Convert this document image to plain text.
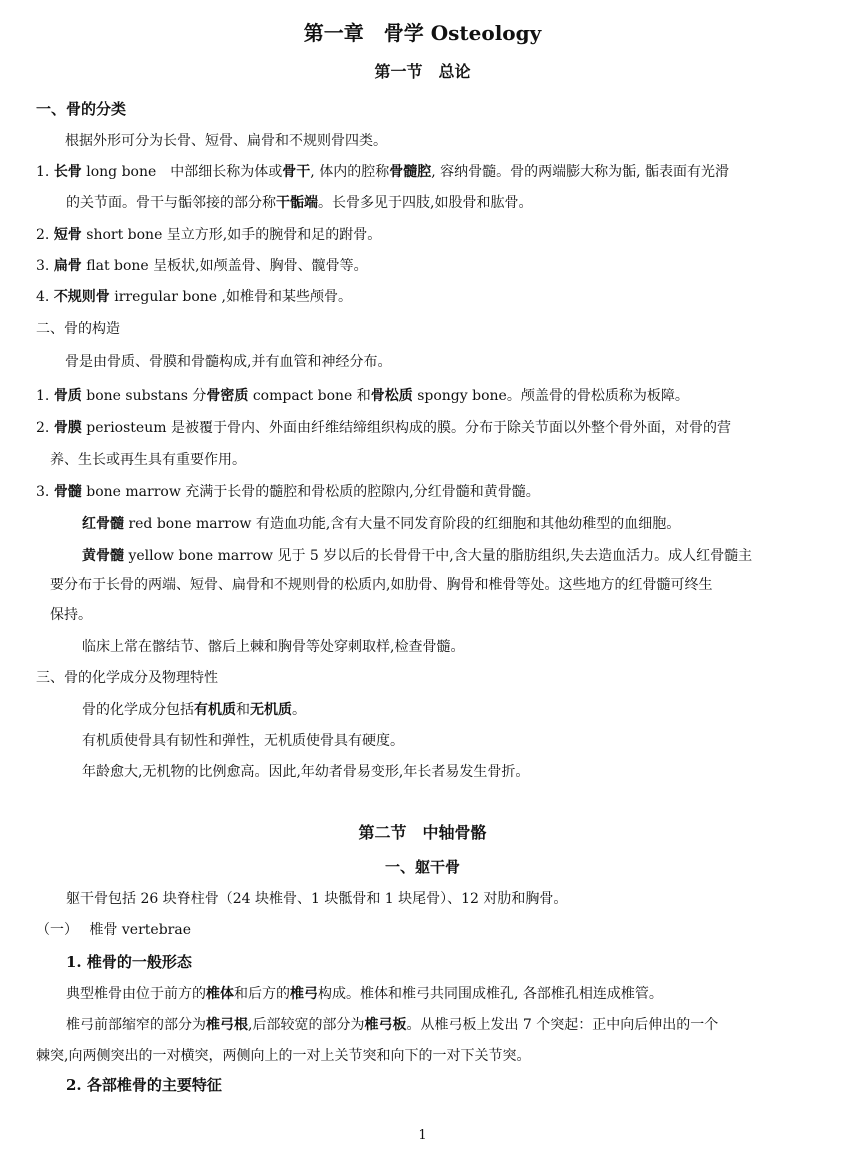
第一章　骨学 Osteology
第一节　总论
一、骨的分类
根据外形可分为长骨、短骨、扁骨和不规则骨四类。
1. 长骨 long bone　中部细长称为体或骨干, 体内的腔称骨髓腔, 容纳骨髓。骨的两端膨大称为骺, 骺表面有光滑
的关节面。骨干与骺邻接的部分称干骺端。长骨多见于四肢,如股骨和肱骨。
2. 短骨 short bone 呈立方形,如手的腕骨和足的跗骨。
3. 扁骨 flat bone 呈板状,如颅盖骨、胸骨、髋骨等。
4. 不规则骨 irregular bone ,如椎骨和某些颅骨。
二、骨的构造
骨是由骨质、骨膜和骨髓构成,并有血管和神经分布。
1. 骨质 bone substans 分骨密质 compact bone 和骨松质 spongy bone。颅盖骨的骨松质称为板障。
2. 骨膜 periosteum 是被覆于骨内、外面由纤维结缔组织构成的膜。分布于除关节面以外整个骨外面，对骨的营
养、生长或再生具有重要作用。
3. 骨髓 bone marrow 充满于长骨的髓腔和骨松质的腔隙内,分红骨髓和黄骨髓。
红骨髓 red bone marrow 有造血功能,含有大量不同发育阶段的红细胞和其他幼稚型的血细胞。
黄骨髓 yellow bone marrow 见于 5 岁以后的长骨骨干中,含大量的脂肪组织,失去造血活力。成人红骨髓主
要分布于长骨的两端、短骨、扁骨和不规则骨的松质内,如肋骨、胸骨和椎骨等处。这些地方的红骨髓可终生
保持。
临床上常在髂结节、髂后上棘和胸骨等处穿刺取样,检查骨髓。
三、骨的化学成分及物理特性
骨的化学成分包括有机质和无机质。
有机质使骨具有韧性和弹性，无机质使骨具有硬度。
年龄愈大,无机物的比例愈高。因此,年幼者骨易变形,年长者易发生骨折。
第二节　中轴骨骼
一、躯干骨
躯干骨包括 26 块脊柱骨（24 块椎骨、1 块骶骨和 1 块尾骨）、12 对肋和胸骨。
（一）　 椎骨 vertebrae
1. 椎骨的一般形态
典型椎骨由位于前方的椎体和后方的椎弓构成。椎体和椎弓共同围成椎孔, 各部椎孔相连成椎管。
椎弓前部缩窄的部分为椎弓根,后部较宽的部分为椎弓板。从椎弓板上发出 7 个突起：正中向后伸出的一个
棘突,向两侧突出的一对横突，两侧向上的一对上关节突和向下的一对下关节突。
2. 各部椎骨的主要特征
1
